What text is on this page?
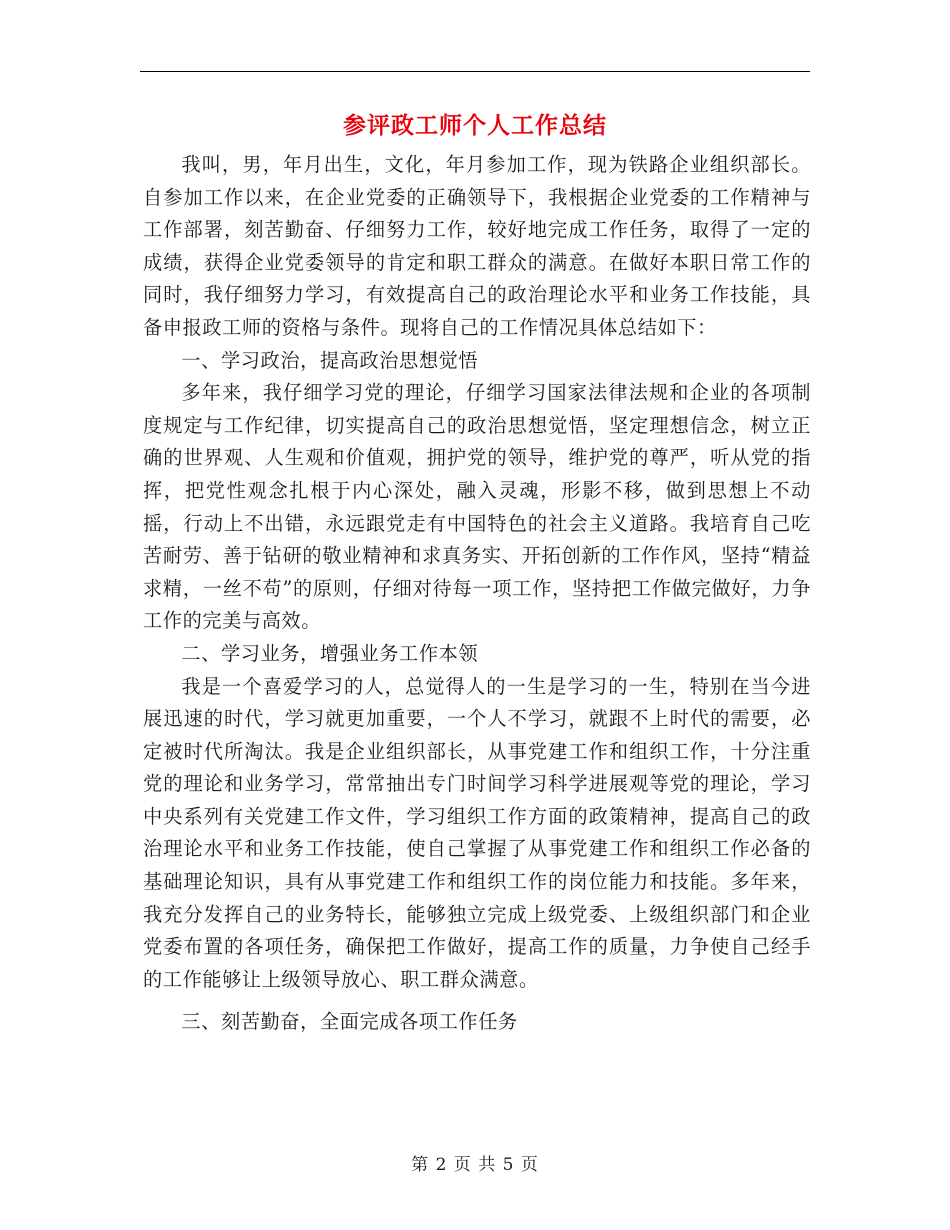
参评政工师个人工作总结

我叫，男，年月出生，文化，年月参加工作，现为铁路企业组织部长。自参加工作以来，在企业党委的正确领导下，我根据企业党委的工作精神与工作部署，刻苦勤奋、仔细努力工作，较好地完成工作任务，取得了一定的成绩，获得企业党委领导的肯定和职工群众的满意。在做好本职日常工作的同时，我仔细努力学习，有效提高自己的政治理论水平和业务工作技能，具备申报政工师的资格与条件。现将自己的工作情况具体总结如下：

一、学习政治，提高政治思想觉悟

多年来，我仔细学习党的理论，仔细学习国家法律法规和企业的各项制度规定与工作纪律，切实提高自己的政治思想觉悟，坚定理想信念，树立正确的世界观、人生观和价值观，拥护党的领导，维护党的尊严，听从党的指挥，把党性观念扎根于内心深处，融入灵魂，形影不移，做到思想上不动摇，行动上不出错，永远跟党走有中国特色的社会主义道路。我培育自己吃苦耐劳、善于钻研的敬业精神和求真务实、开拓创新的工作作风，坚持“精益求精，一丝不苟”的原则，仔细对待每一项工作，坚持把工作做完做好，力争工作的完美与高效。

二、学习业务，增强业务工作本领

我是一个喜爱学习的人，总觉得人的一生是学习的一生，特别在当今进展迅速的时代，学习就更加重要，一个人不学习，就跟不上时代的需要，必定被时代所淘汰。我是企业组织部长，从事党建工作和组织工作，十分注重党的理论和业务学习，常常抽出专门时间学习科学进展观等党的理论，学习中央系列有关党建工作文件，学习组织工作方面的政策精神，提高自己的政治理论水平和业务工作技能，使自己掌握了从事党建工作和组织工作必备的基础理论知识，具有从事党建工作和组织工作的岗位能力和技能。多年来，我充分发挥自己的业务特长，能够独立完成上级党委、上级组织部门和企业党委布置的各项任务，确保把工作做好，提高工作的质量，力争使自己经手的工作能够让上级领导放心、职工群众满意。

三、刻苦勤奋，全面完成各项工作任务

第 2 页 共 5 页
